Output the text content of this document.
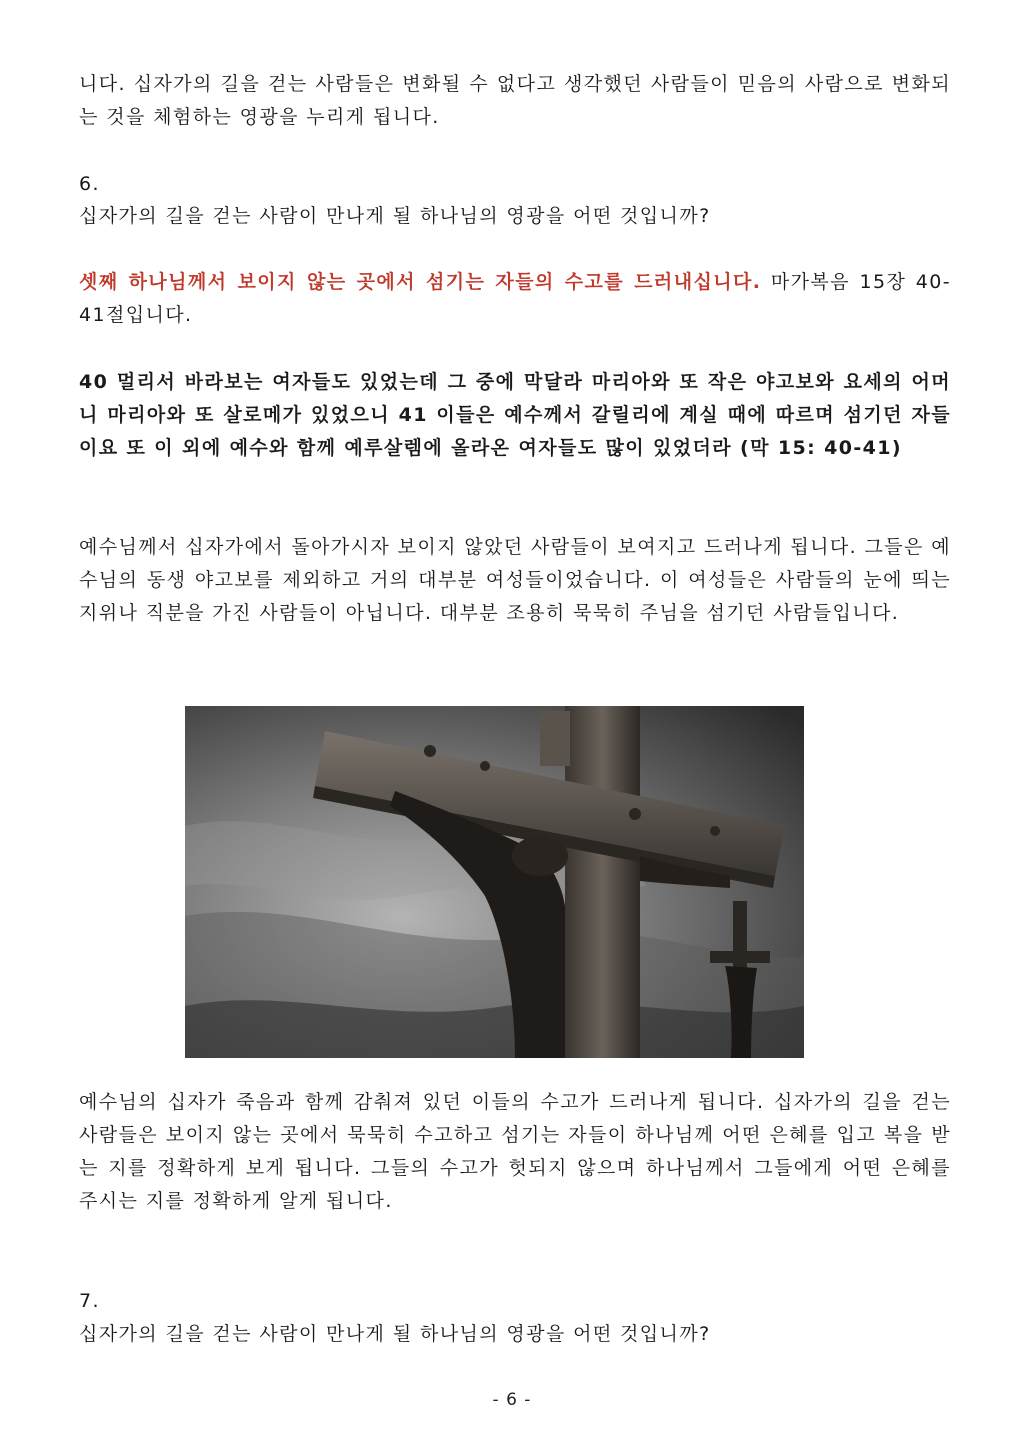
니다. 십자가의 길을 걷는 사람들은 변화될 수 없다고 생각했던 사람들이 믿음의 사람으로 변화되는 것을 체험하는 영광을 누리게 됩니다.

6.

십자가의 길을 걷는 사람이 만나게 될 하나님의 영광을 어떤 것입니까?

셋째 하나님께서 보이지 않는 곳에서 섬기는 자들의 수고를 드러내십니다. 마가복음 15장 40-41절입니다.

40 멀리서 바라보는 여자들도 있었는데 그 중에 막달라 마리아와 또 작은 야고보와 요세의 어머니 마리아와 또 살로메가 있었으니 41 이들은 예수께서 갈릴리에 계실 때에 따르며 섬기던 자들이요 또 이 외에 예수와 함께 예루살렘에 올라온 여자들도 많이 있었더라 (막 15: 40-41)

예수님께서 십자가에서 돌아가시자 보이지 않았던 사람들이 보여지고 드러나게 됩니다. 그들은 예수님의 동생 야고보를 제외하고 거의 대부분 여성들이었습니다. 이 여성들은 사람들의 눈에 띄는 지위나 직분을 가진 사람들이 아닙니다. 대부분 조용히 묵묵히 주님을 섬기던 사람들입니다.

예수님의 십자가 죽음과 함께 감춰져 있던 이들의 수고가 드러나게 됩니다. 십자가의 길을 걷는 사람들은 보이지 않는 곳에서 묵묵히 수고하고 섬기는 자들이 하나님께 어떤 은혜를 입고 복을 받는 지를 정확하게 보게 됩니다. 그들의 수고가 헛되지 않으며 하나님께서 그들에게 어떤 은혜를 주시는 지를 정확하게 알게 됩니다.

7.

십자가의 길을 걷는 사람이 만나게 될 하나님의 영광을 어떤 것입니까?

- 6 -
